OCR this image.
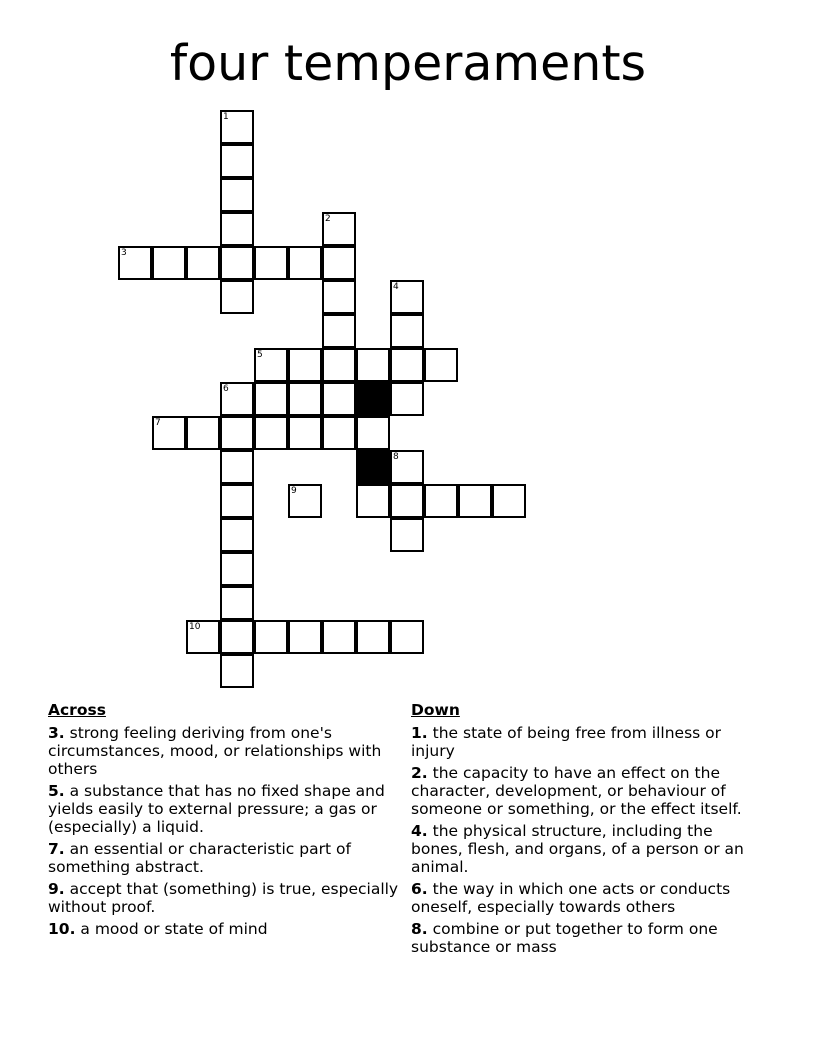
four temperaments
1
2
3
4
5
6
7
8
9
10
Across
3. strong feeling deriving from one's circumstances, mood, or relationships with others
5. a substance that has no fixed shape and yields easily to external pressure; a gas or (especially) a liquid.
7. an essential or characteristic part of something abstract.
9. accept that (something) is true, especially without proof.
10. a mood or state of mind
Down
1. the state of being free from illness or injury
2. the capacity to have an effect on the character, development, or behaviour of someone or something, or the effect itself.
4. the physical structure, including the bones, flesh, and organs, of a person or an animal.
6. the way in which one acts or conducts oneself, especially towards others
8. combine or put together to form one substance or mass
